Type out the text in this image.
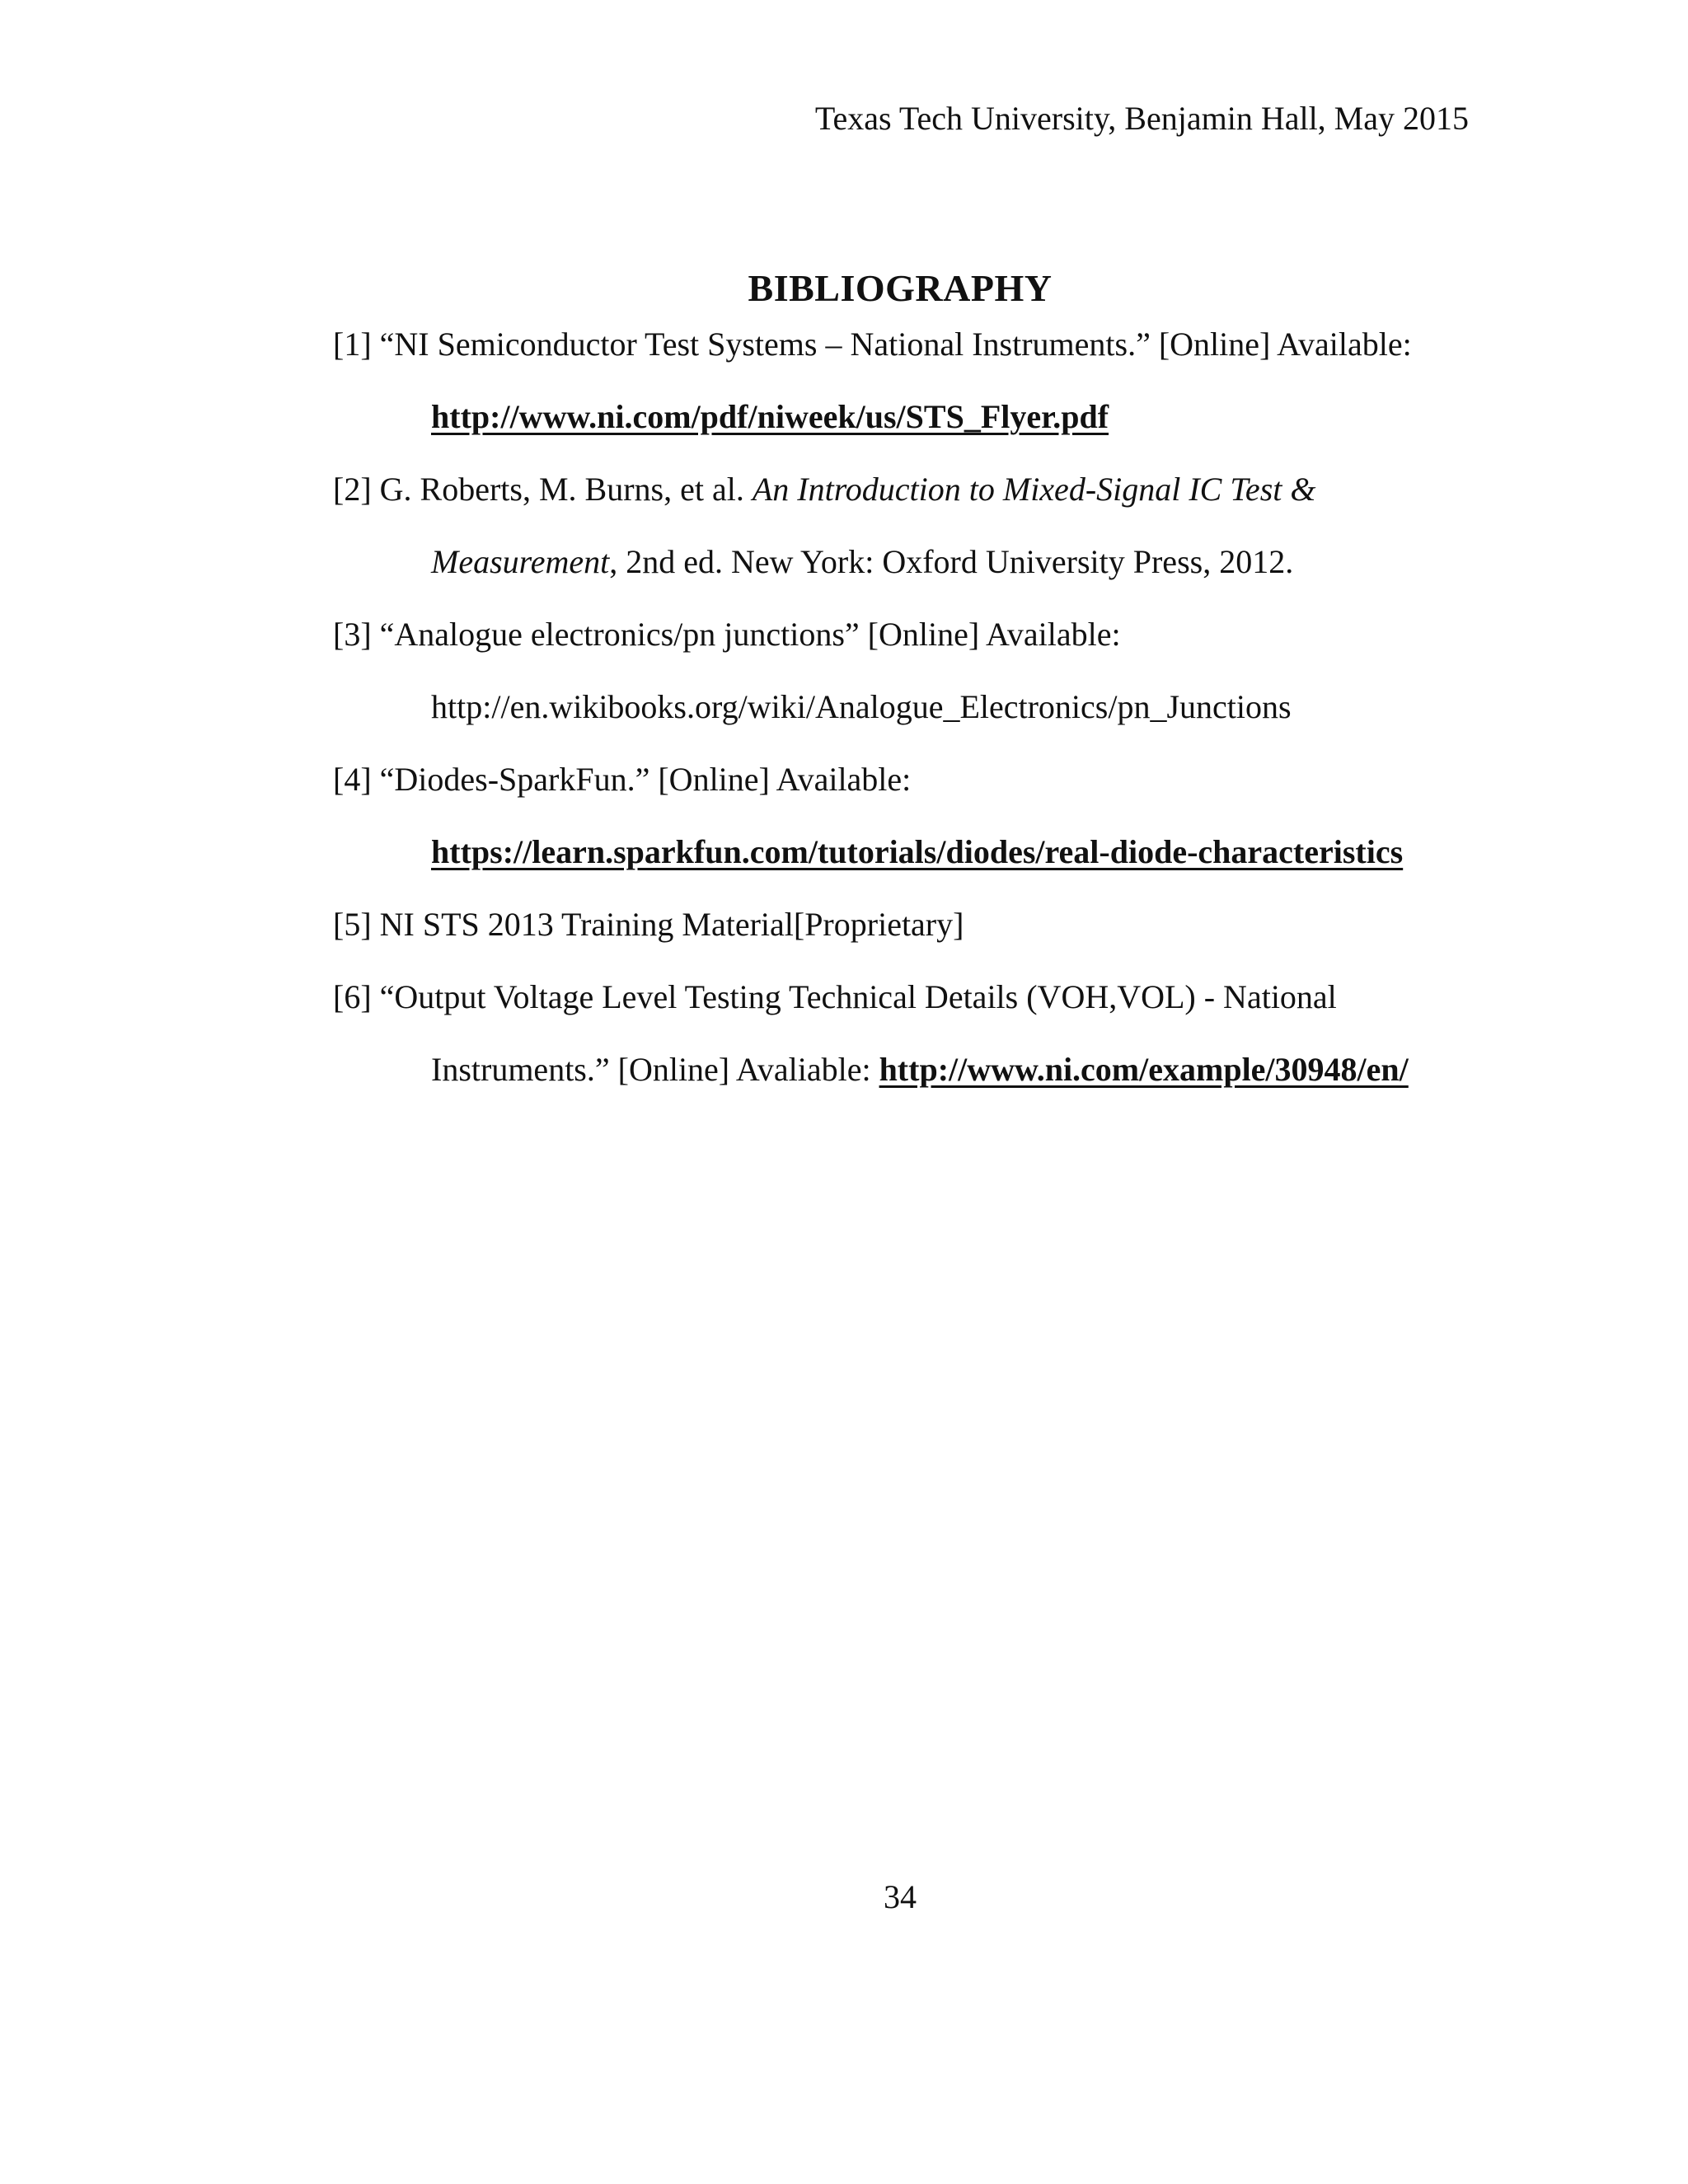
Texas Tech University, Benjamin Hall, May 2015
BIBLIOGRAPHY
[1] “NI Semiconductor Test Systems – National Instruments.” [Online] Available:
http://www.ni.com/pdf/niweek/us/STS_Flyer.pdf
[2] G. Roberts, M. Burns, et al. An Introduction to Mixed-Signal IC Test &
Measurement, 2nd ed. New York: Oxford University Press, 2012.
[3] “Analogue electronics/pn junctions” [Online] Available:
http://en.wikibooks.org/wiki/Analogue_Electronics/pn_Junctions
[4] “Diodes-SparkFun.” [Online] Available:
https://learn.sparkfun.com/tutorials/diodes/real-diode-characteristics
[5] NI STS 2013 Training Material[Proprietary]
[6] “Output Voltage Level Testing Technical Details (VOH,VOL) - National
Instruments.” [Online] Avaliable: http://www.ni.com/example/30948/en/
34
